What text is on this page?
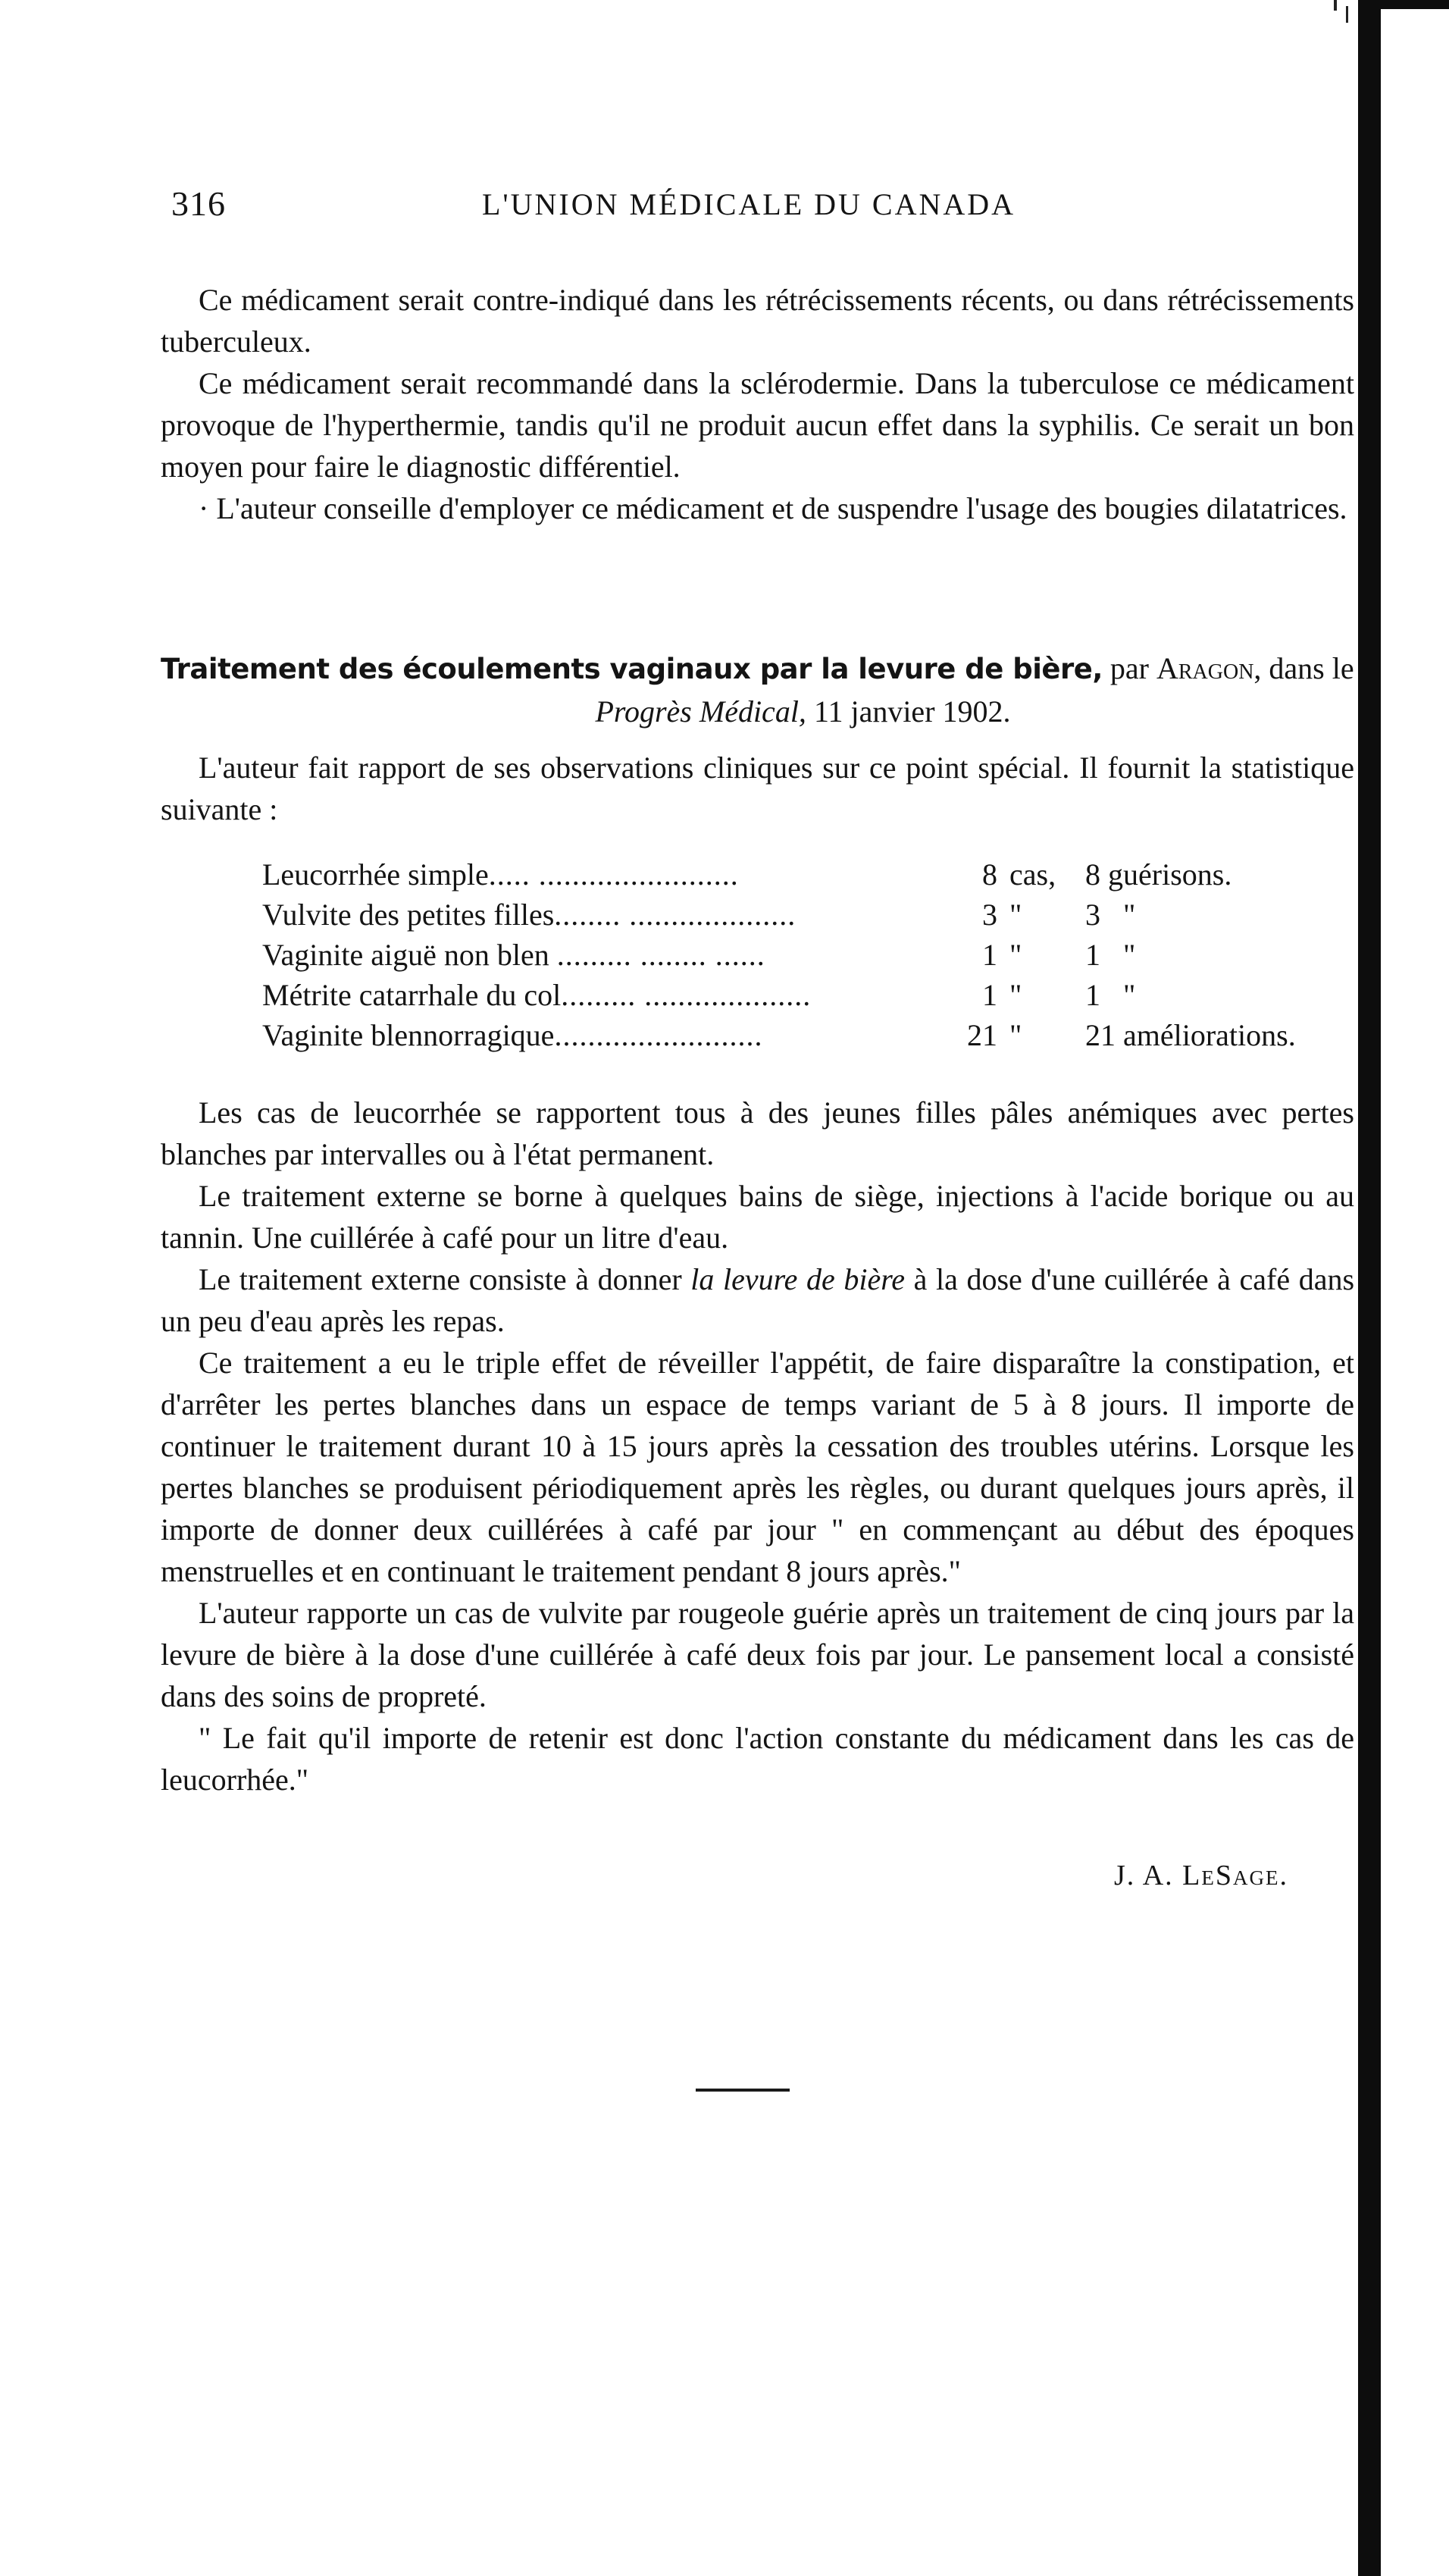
316	L'UNION MÉDICALE DU CANADA

Ce médicament serait contre-indiqué dans les rétrécissements récents, ou dans rétrécissements tuberculeux.

Ce médicament serait recommandé dans la sclérodermie. Dans la tuberculose ce médicament provoque de l'hyperthermie, tandis qu'il ne produit aucun effet dans la syphilis. Ce serait un bon moyen pour faire le diagnostic différentiel.

· L'auteur conseille d'employer ce médicament et de suspendre l'usage des bougies dilatatrices.

Traitement des écoulements vaginaux par la levure de bière, par Aragon, dans le
Progrès Médical, 11 janvier 1902.

L'auteur fait rapport de ses observations cliniques sur ce point spécial. Il fournit la statistique suivante :

Leucorrhée simple..... ........................	8	cas,	8 guérisons.
Vulvite des petites filles........ ....................	3	"	3 "
Vaginite aiguë non blen ......... ........ ......	1	"	1 "
Métrite catarrhale du col......... ....................	1	"	1 "
Vaginite blennorragique.........................	21	"	21 améliorations.

Les cas de leucorrhée se rapportent tous à des jeunes filles pâles anémiques avec pertes blanches par intervalles ou à l'état permanent.

Le traitement externe se borne à quelques bains de siège, injections à l'acide borique ou au tannin. Une cuillérée à café pour un litre d'eau.

Le traitement externe consiste à donner la levure de bière à la dose d'une cuillérée à café dans un peu d'eau après les repas.

Ce traitement a eu le triple effet de réveiller l'appétit, de faire disparaître la constipation, et d'arrêter les pertes blanches dans un espace de temps variant de 5 à 8 jours. Il importe de continuer le traitement durant 10 à 15 jours après la cessation des troubles utérins. Lorsque les pertes blanches se produisent périodiquement après les règles, ou durant quelques jours après, il importe de donner deux cuillérées à café par jour " en commençant au début des époques menstruelles et en continuant le traitement pendant 8 jours après."

L'auteur rapporte un cas de vulvite par rougeole guérie après un traitement de cinq jours par la levure de bière à la dose d'une cuillérée à café deux fois par jour. Le pansement local a consisté dans des soins de propreté.

" Le fait qu'il importe de retenir est donc l'action constante du médicament dans les cas de leucorrhée."

J. A. LeSage.
